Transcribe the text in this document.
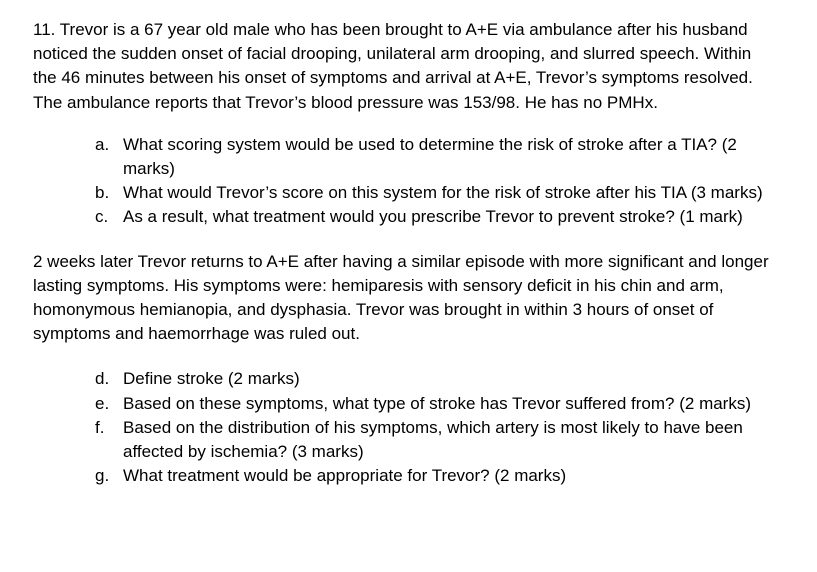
11. Trevor is a 67 year old male who has been brought to A+E via ambulance after his husband noticed the sudden onset of facial drooping, unilateral arm drooping, and slurred speech. Within the 46 minutes between his onset of symptoms and arrival at A+E, Trevor’s symptoms resolved. The ambulance reports that Trevor’s blood pressure was 153/98. He has no PMHx.

a. What scoring system would be used to determine the risk of stroke after a TIA? (2 marks)
b. What would Trevor’s score on this system for the risk of stroke after his TIA (3 marks)
c. As a result, what treatment would you prescribe Trevor to prevent stroke? (1 mark)

2 weeks later Trevor returns to A+E after having a similar episode with more significant and longer lasting symptoms. His symptoms were: hemiparesis with sensory deficit in his chin and arm, homonymous hemianopia, and dysphasia. Trevor was brought in within 3 hours of onset of symptoms and haemorrhage was ruled out.

d. Define stroke (2 marks)
e. Based on these symptoms, what type of stroke has Trevor suffered from? (2 marks)
f. Based on the distribution of his symptoms, which artery is most likely to have been affected by ischemia? (3 marks)
g. What treatment would be appropriate for Trevor? (2 marks)
